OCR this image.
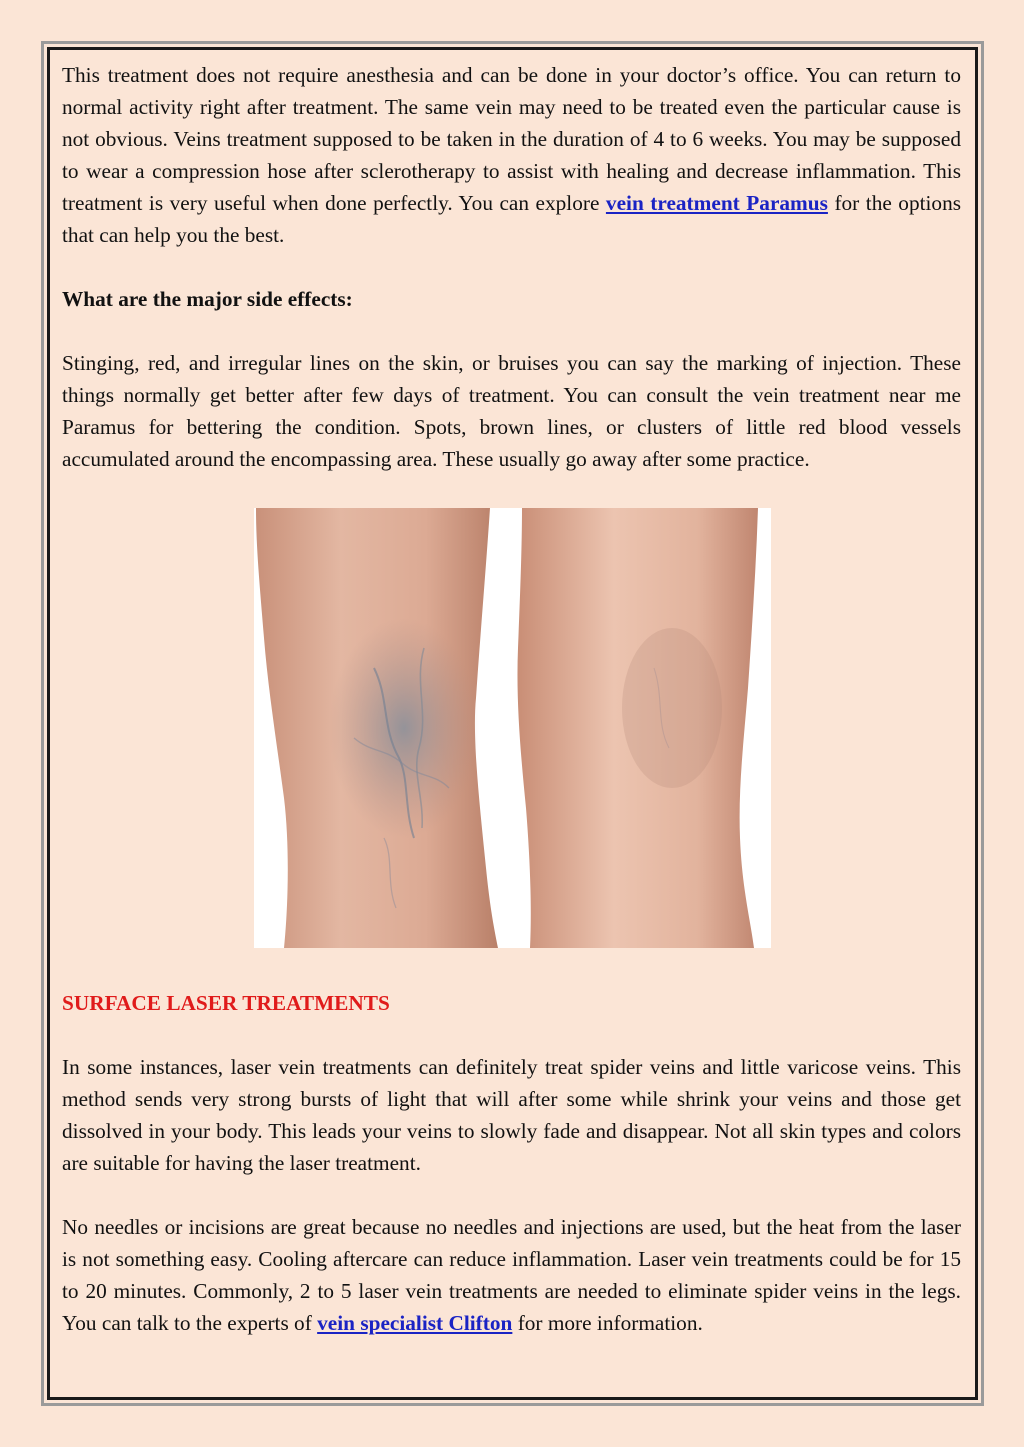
This treatment does not require anesthesia and can be done in your doctor’s office. You can return to normal activity right after treatment. The same vein may need to be treated even the particular cause is not obvious. Veins treatment supposed to be taken in the duration of 4 to 6 weeks. You may be supposed to wear a compression hose after sclerotherapy to assist with healing and decrease inflammation. This treatment is very useful when done perfectly. You can explore vein treatment Paramus for the options that can help you the best.

What are the major side effects:

Stinging, red, and irregular lines on the skin, or bruises you can say the marking of injection. These things normally get better after few days of treatment. You can consult the vein treatment near me Paramus for bettering the condition. Spots, brown lines, or clusters of little red blood vessels accumulated around the encompassing area. These usually go away after some practice.

SURFACE LASER TREATMENTS

In some instances, laser vein treatments can definitely treat spider veins and little varicose veins. This method sends very strong bursts of light that will after some while shrink your veins and those get dissolved in your body. This leads your veins to slowly fade and disappear. Not all skin types and colors are suitable for having the laser treatment.

No needles or incisions are great because no needles and injections are used, but the heat from the laser is not something easy. Cooling aftercare can reduce inflammation. Laser vein treatments could be for 15 to 20 minutes. Commonly, 2 to 5 laser vein treatments are needed to eliminate spider veins in the legs. You can talk to the experts of vein specialist Clifton for more information.
